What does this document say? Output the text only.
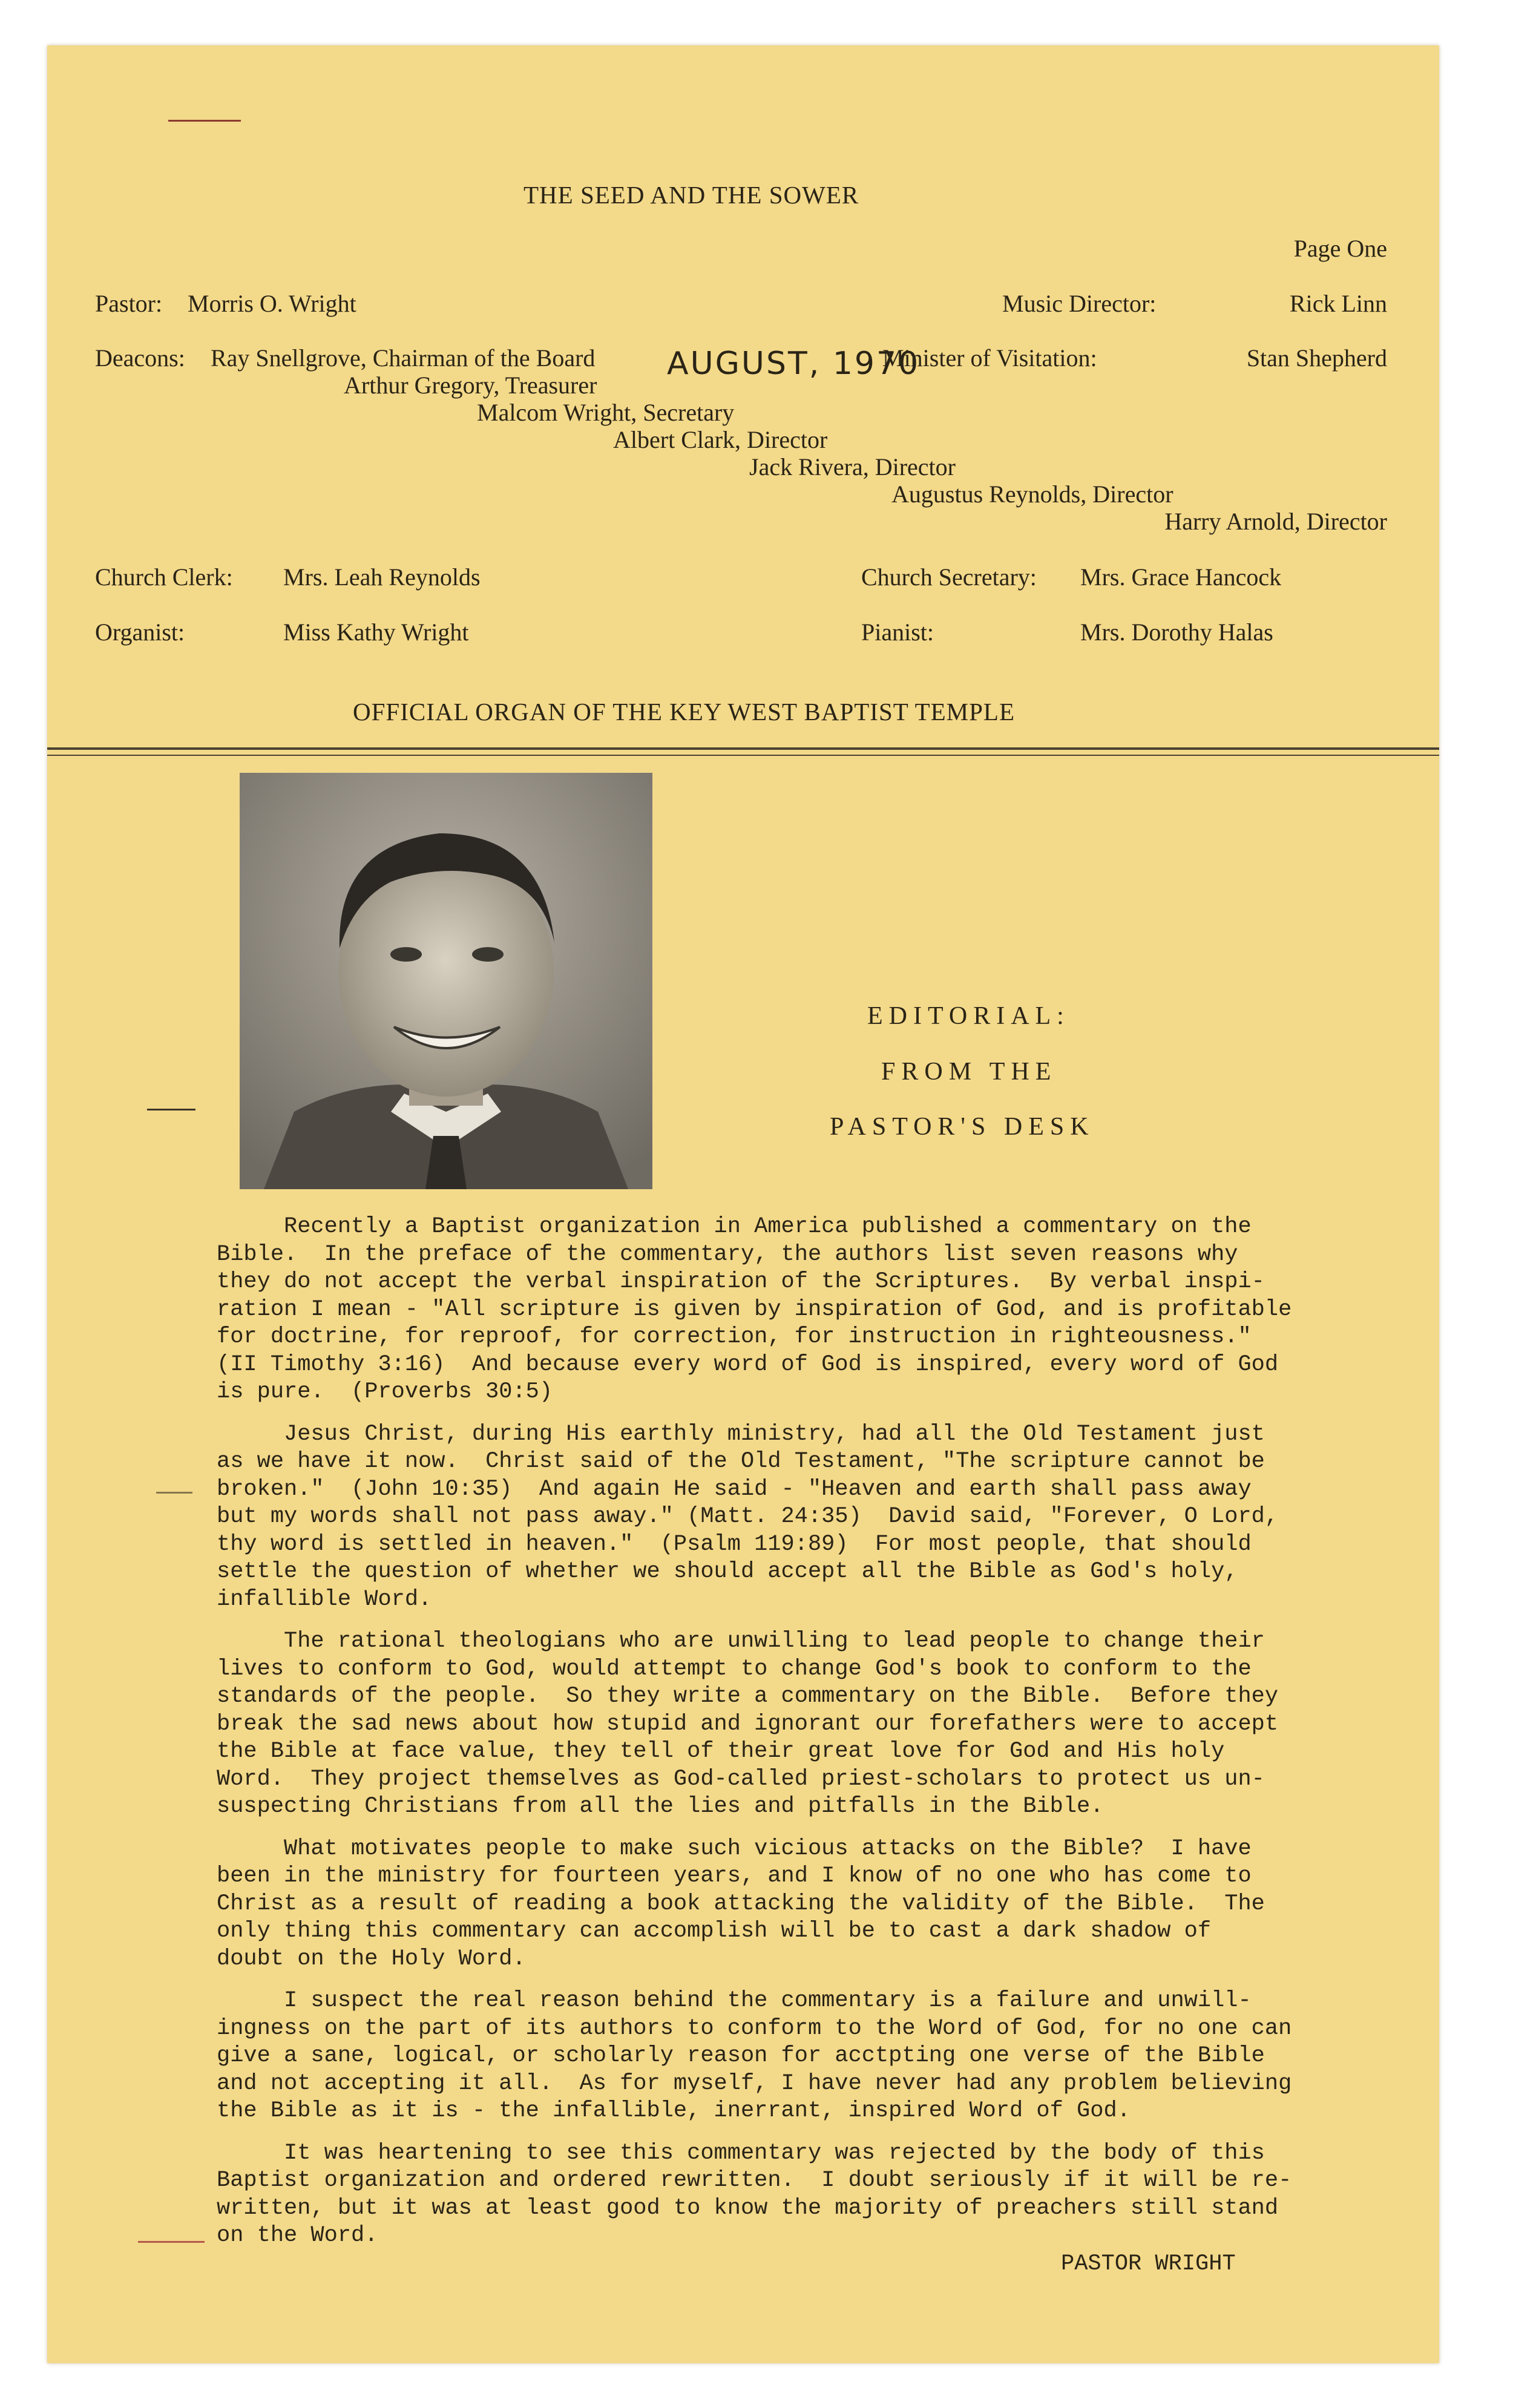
THE SEED AND THE SOWER
Page One
Pastor: Morris O. Wright	Music Director:	Rick Linn
Deacons: Ray Snellgrove, Chairman of the Board AUGUST, 1970
Minister of Visitation:	Stan Shepherd
Arthur Gregory, Treasurer
Malcom Wright, Secretary
Albert Clark, Director
Jack Rivera, Director
Augustus Reynolds, Director
Harry Arnold, Director
Church Clerk: Mrs. Leah Reynolds	Church Secretary: Mrs. Grace Hancock
Organist:	Miss Kathy Wright	Pianist:	Mrs. Dorothy Halas
OFFICIAL ORGAN OF THE KEY WEST BAPTIST TEMPLE
EDITORIAL:
FROM THE
PASTOR'S DESK

Recently a Baptist organization in America published a commentary on the
Bible.  In the preface of the commentary, the authors list seven reasons why
they do not accept the verbal inspiration of the Scriptures.  By verbal inspi-
ration I mean - "All scripture is given by inspiration of God, and is profitable
for doctrine, for reproof, for correction, for instruction in righteousness."
(II Timothy 3:16)  And because every word of God is inspired, every word of God
is pure.  (Proverbs 30:5)

Jesus Christ, during His earthly ministry, had all the Old Testament just
as we have it now.  Christ said of the Old Testament, "The scripture cannot be
broken."  (John 10:35)  And again He said - "Heaven and earth shall pass away
but my words shall not pass away." (Matt. 24:35)  David said, "Forever, O Lord,
thy word is settled in heaven."  (Psalm 119:89)  For most people, that should
settle the question of whether we should accept all the Bible as God's holy,
infallible Word.

The rational theologians who are unwilling to lead people to change their
lives to conform to God, would attempt to change God's book to conform to the
standards of the people.  So they write a commentary on the Bible.  Before they
break the sad news about how stupid and ignorant our forefathers were to accept
the Bible at face value, they tell of their great love for God and His holy
Word.  They project themselves as God-called priest-scholars to protect us un-
suspecting Christians from all the lies and pitfalls in the Bible.

What motivates people to make such vicious attacks on the Bible?  I have
been in the ministry for fourteen years, and I know of no one who has come to
Christ as a result of reading a book attacking the validity of the Bible.  The
only thing this commentary can accomplish will be to cast a dark shadow of
doubt on the Holy Word.

I suspect the real reason behind the commentary is a failure and unwill-
ingness on the part of its authors to conform to the Word of God, for no one can
give a sane, logical, or scholarly reason for acctpting one verse of the Bible
and not accepting it all.  As for myself, I have never had any problem believing
the Bible as it is - the infallible, inerrant, inspired Word of God.

It was heartening to see this commentary was rejected by the body of this
Baptist organization and ordered rewritten.  I doubt seriously if it will be re-
written, but it was at least good to know the majority of preachers still stand
on the Word.

PASTOR WRIGHT
